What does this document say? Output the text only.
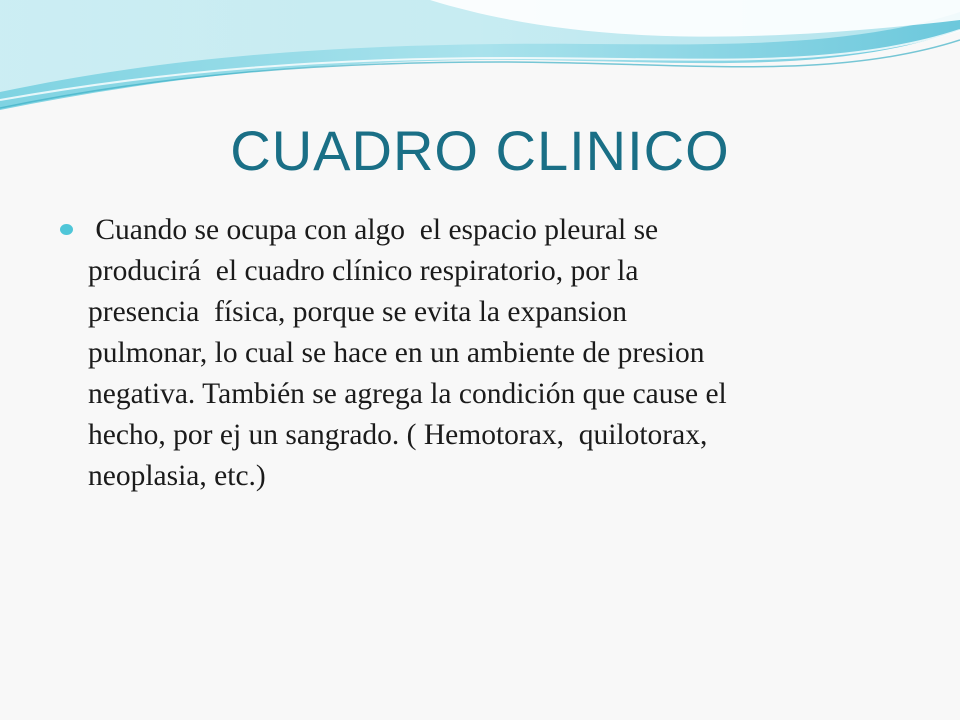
CUADRO CLINICO
Cuando se ocupa con algo  el espacio pleural se
producirá  el cuadro clínico respiratorio, por la
presencia  física, porque se evita la expansion
pulmonar, lo cual se hace en un ambiente de presion
negativa. También se agrega la condición que cause el
hecho, por ej un sangrado. ( Hemotorax,  quilotorax,
neoplasia, etc.)
